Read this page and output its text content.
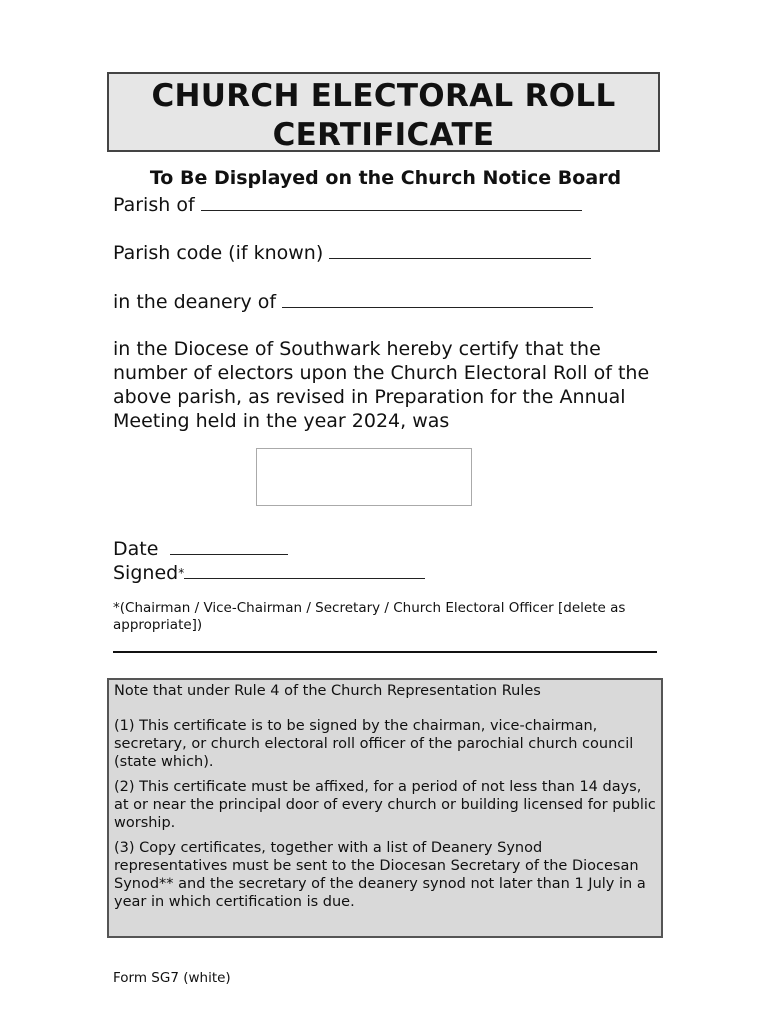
CHURCH ELECTORAL ROLL
CERTIFICATE
To Be Displayed on the Church Notice Board
Parish of
Parish code (if known)
in the deanery of
in the Diocese of Southwark hereby certify that the number of electors upon the Church Electoral Roll of the above parish, as revised in Preparation for the Annual Meeting held in the year 2024, was
Date
Signed*
*(Chairman / Vice-Chairman / Secretary / Church Electoral Officer [delete as appropriate])

Note that under Rule 4 of the Church Representation Rules

(1) This certificate is to be signed by the chairman, vice-chairman, secretary, or church electoral roll officer of the parochial church council (state which).

(2) This certificate must be affixed, for a period of not less than 14 days, at or near the principal door of every church or building licensed for public worship.

(3) Copy certificates, together with a list of Deanery Synod representatives must be sent to the Diocesan Secretary of the Diocesan Synod** and the secretary of the deanery synod not later than 1 July in a year in which certification is due.

Form SG7 (white)
